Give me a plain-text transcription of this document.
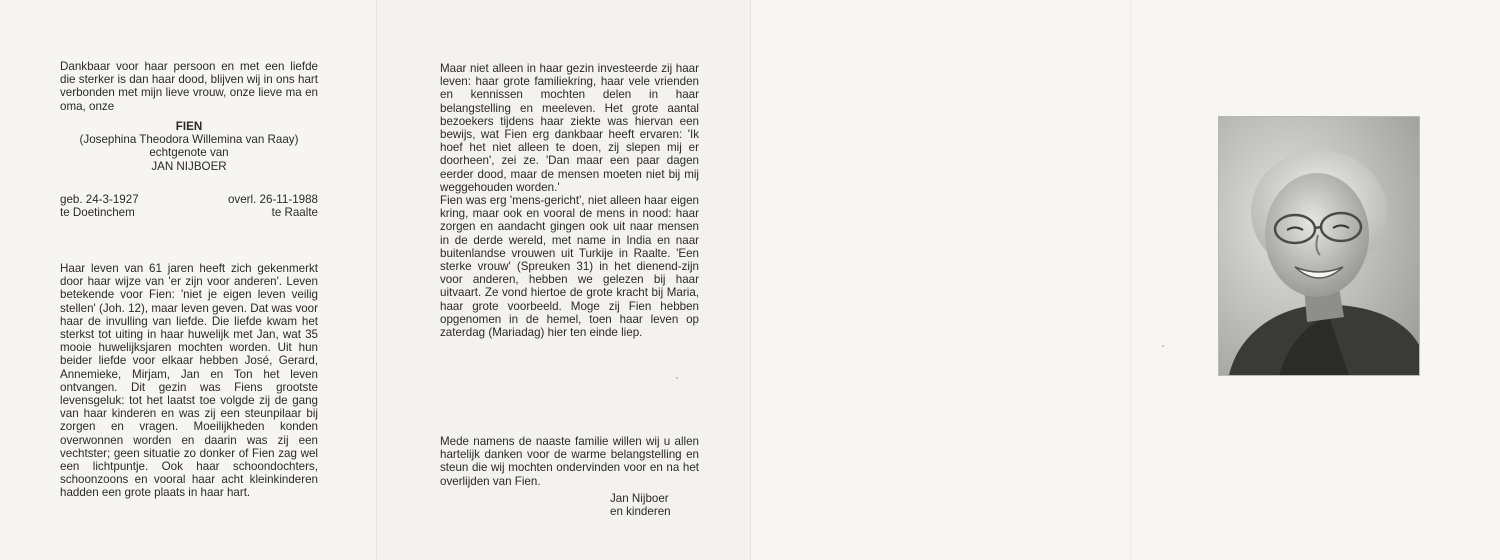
Dankbaar voor haar persoon en met een liefde die sterker is dan haar dood, blijven wij in ons hart verbonden met mijn lieve vrouw, onze lieve ma en oma, onze

FIEN

(Josephina Theodora Willemina van Raay)

echtgenote van

JAN NIJBOER

geb. 24-3-1927	overl. 26-11-1988
te Doetinchem	te Raalte

Haar leven van 61 jaren heeft zich gekenmerkt door haar wijze van 'er zijn voor anderen'. Leven betekende voor Fien: 'niet je eigen leven veilig stellen' (Joh. 12), maar leven geven. Dat was voor haar de invulling van liefde. Die liefde kwam het sterkst tot uiting in haar huwelijk met Jan, wat 35 mooie huwelijksjaren mochten worden. Uit hun beider liefde voor elkaar hebben José, Gerard, Annemieke, Mirjam, Jan en Ton het leven ontvangen. Dit gezin was Fiens grootste levensgeluk: tot het laatst toe volgde zij de gang van haar kinderen en was zij een steunpilaar bij zorgen en vragen. Moeilijkheden konden overwonnen worden en daarin was zij een vechtster; geen situatie zo donker of Fien zag wel een lichtpuntje. Ook haar schoondochters, schoonzoons en vooral haar acht kleinkinderen hadden een grote plaats in haar hart.

Maar niet alleen in haar gezin investeerde zij haar leven: haar grote familiekring, haar vele vrienden en kennissen mochten delen in haar belangstelling en meeleven. Het grote aantal bezoekers tijdens haar ziekte was hiervan een bewijs, wat Fien erg dankbaar heeft ervaren: 'Ik hoef het niet alleen te doen, zij slepen mij er doorheen', zei ze. 'Dan maar een paar dagen eerder dood, maar de mensen moeten niet bij mij weggehouden worden.'

Fien was erg 'mens-gericht', niet alleen haar eigen kring, maar ook en vooral de mens in nood: haar zorgen en aandacht gingen ook uit naar mensen in de derde wereld, met name in India en naar buitenlandse vrouwen uit Turkije in Raalte. 'Een sterke vrouw' (Spreuken 31) in het dienend-zijn voor anderen, hebben we gelezen bij haar uitvaart. Ze vond hiertoe de grote kracht bij Maria, haar grote voorbeeld. Moge zij Fien hebben opgenomen in de hemel, toen haar leven op zaterdag (Mariadag) hier ten einde liep.

Mede namens de naaste familie willen wij u allen hartelijk danken voor de warme belangstelling en steun die wij mochten ondervinden voor en na het overlijden van Fien.

Jan Nijboer
en kinderen
